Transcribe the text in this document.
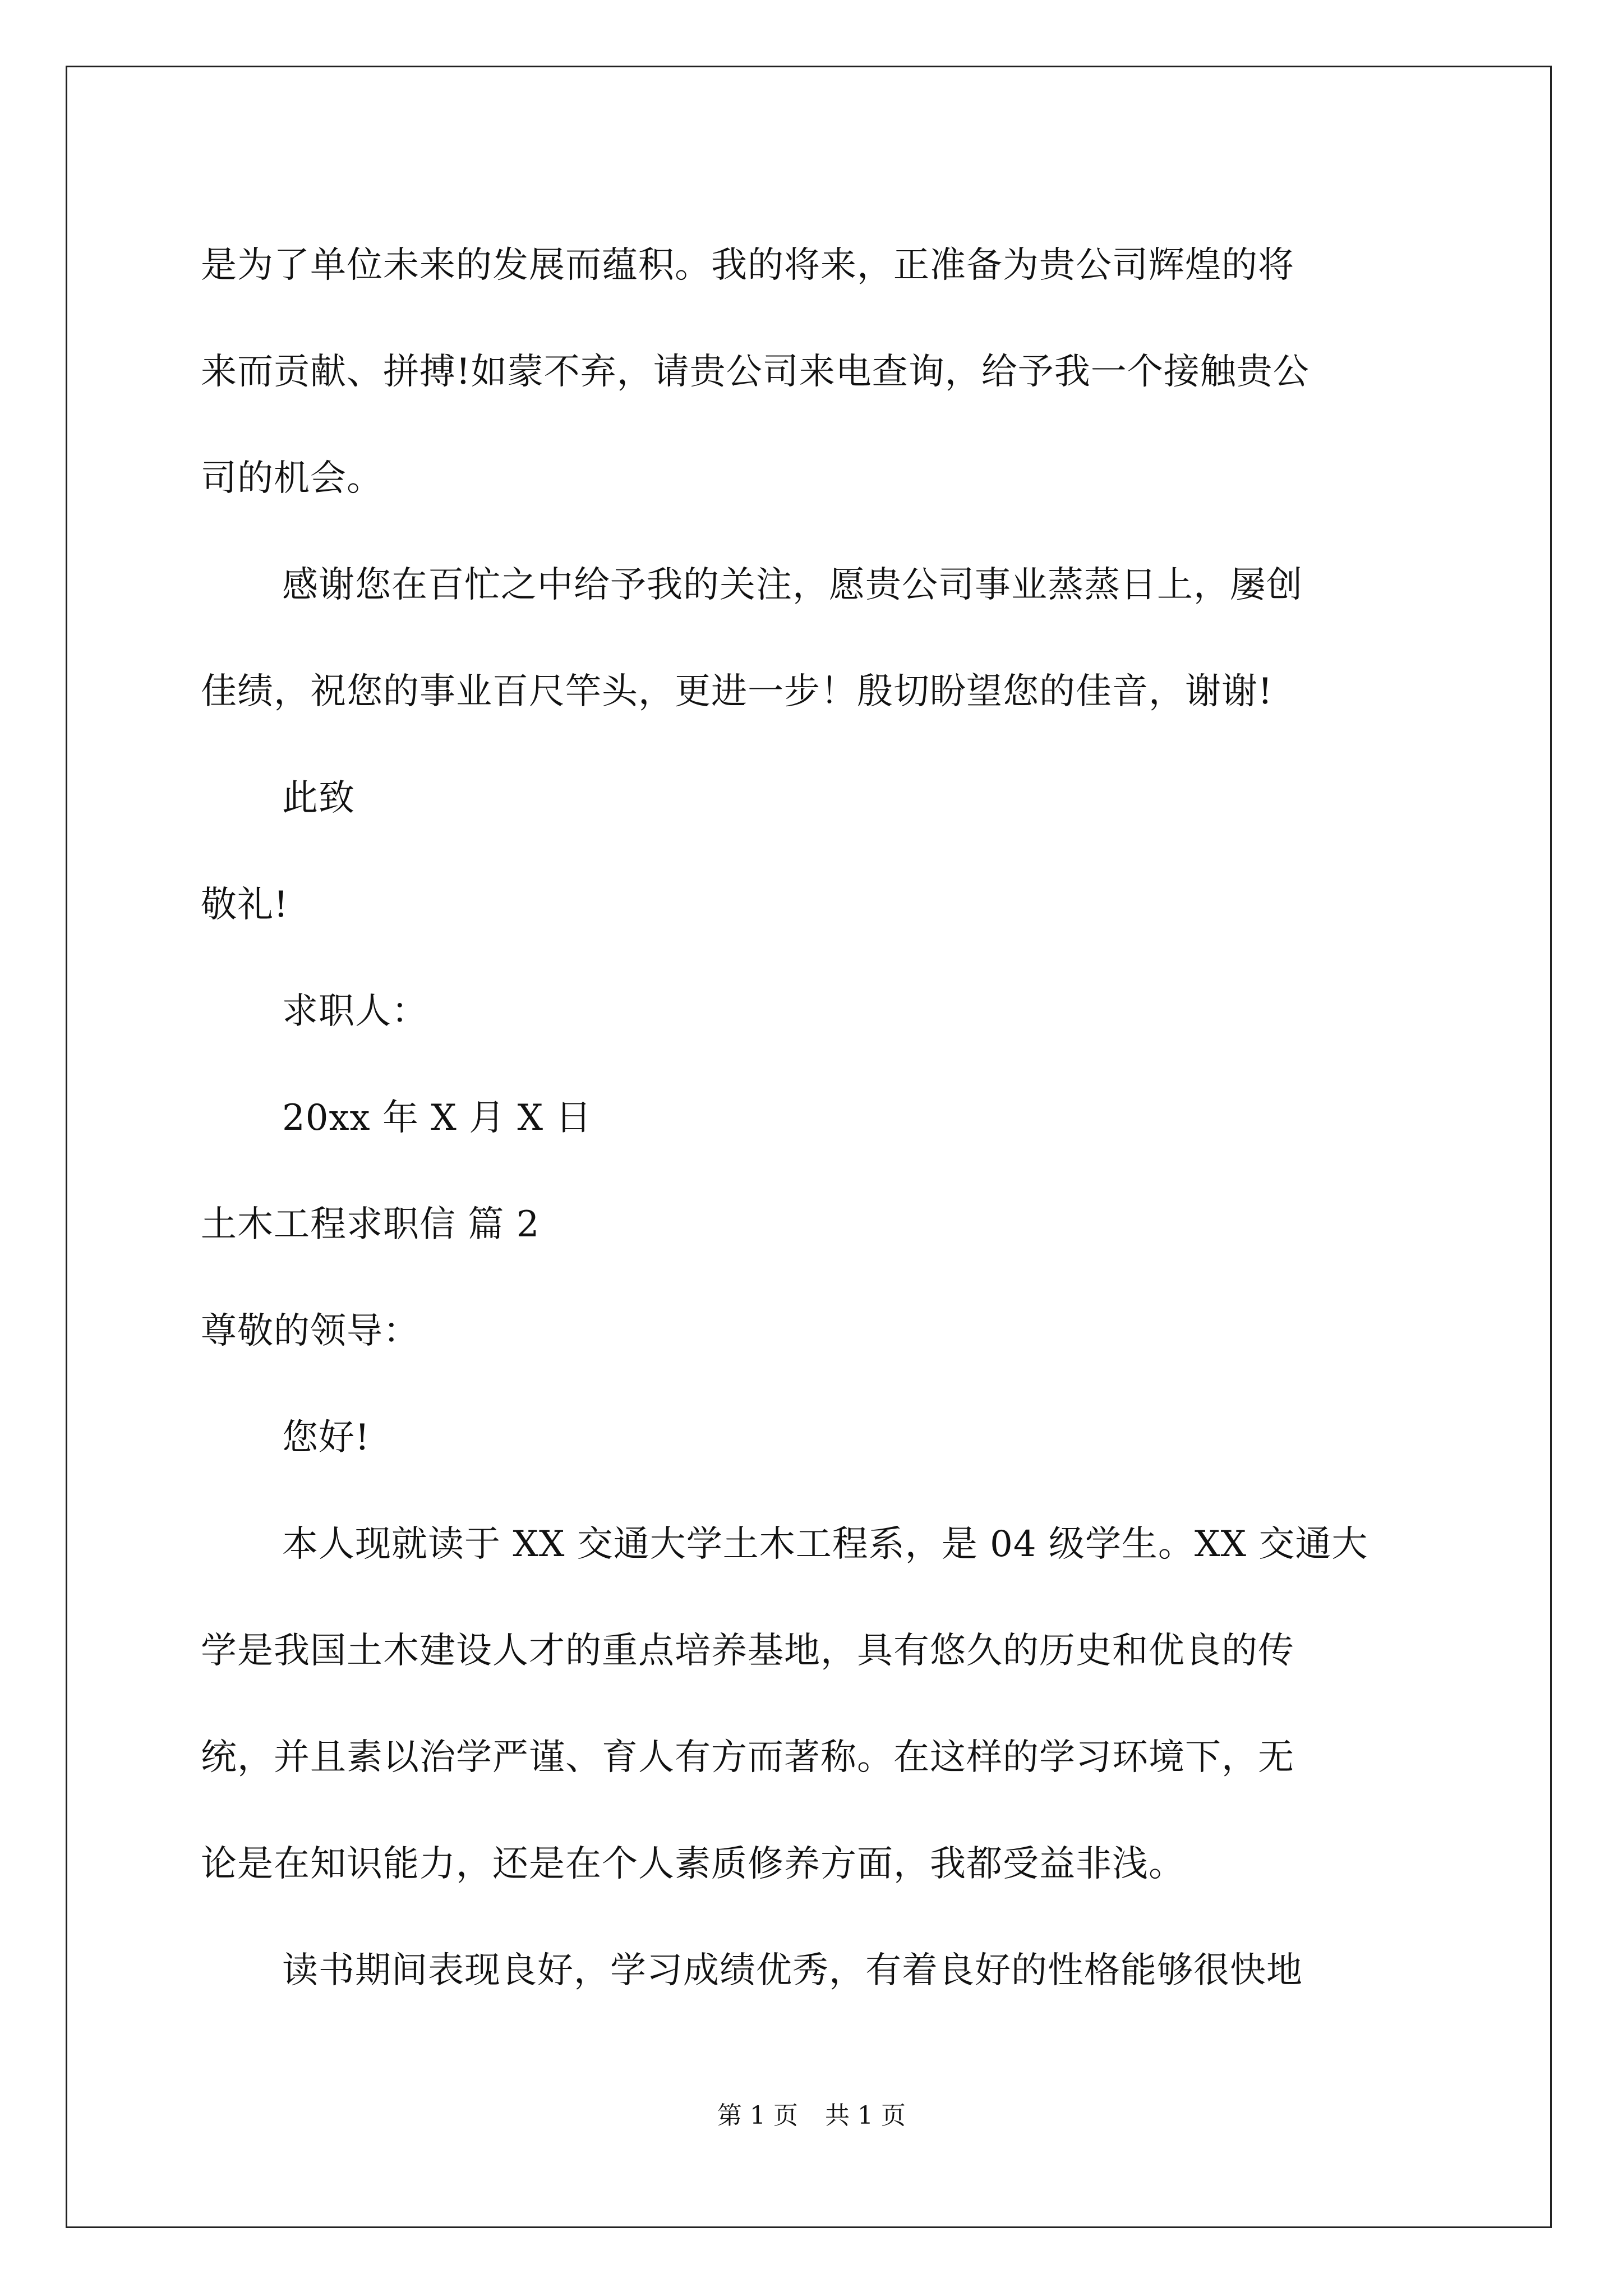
是为了单位未来的发展而蕴积。我的将来，正准备为贵公司辉煌的将
来而贡献、拼搏!如蒙不弃，请贵公司来电查询，给予我一个接触贵公
司的机会。
感谢您在百忙之中给予我的关注，愿贵公司事业蒸蒸日上，屡创
佳绩，祝您的事业百尺竿头，更进一步！殷切盼望您的佳音，谢谢!
此致
敬礼!
求职人：
20xx 年 X 月 X 日
土木工程求职信 篇 2
尊敬的领导：
您好!
本人现就读于 XX 交通大学土木工程系，是 04 级学生。XX 交通大
学是我国土木建设人才的重点培养基地，具有悠久的历史和优良的传
统，并且素以治学严谨、育人有方而著称。在这样的学习环境下，无
论是在知识能力，还是在个人素质修养方面，我都受益非浅。
读书期间表现良好，学习成绩优秀，有着良好的性格能够很快地
第 1 页 共 1 页
